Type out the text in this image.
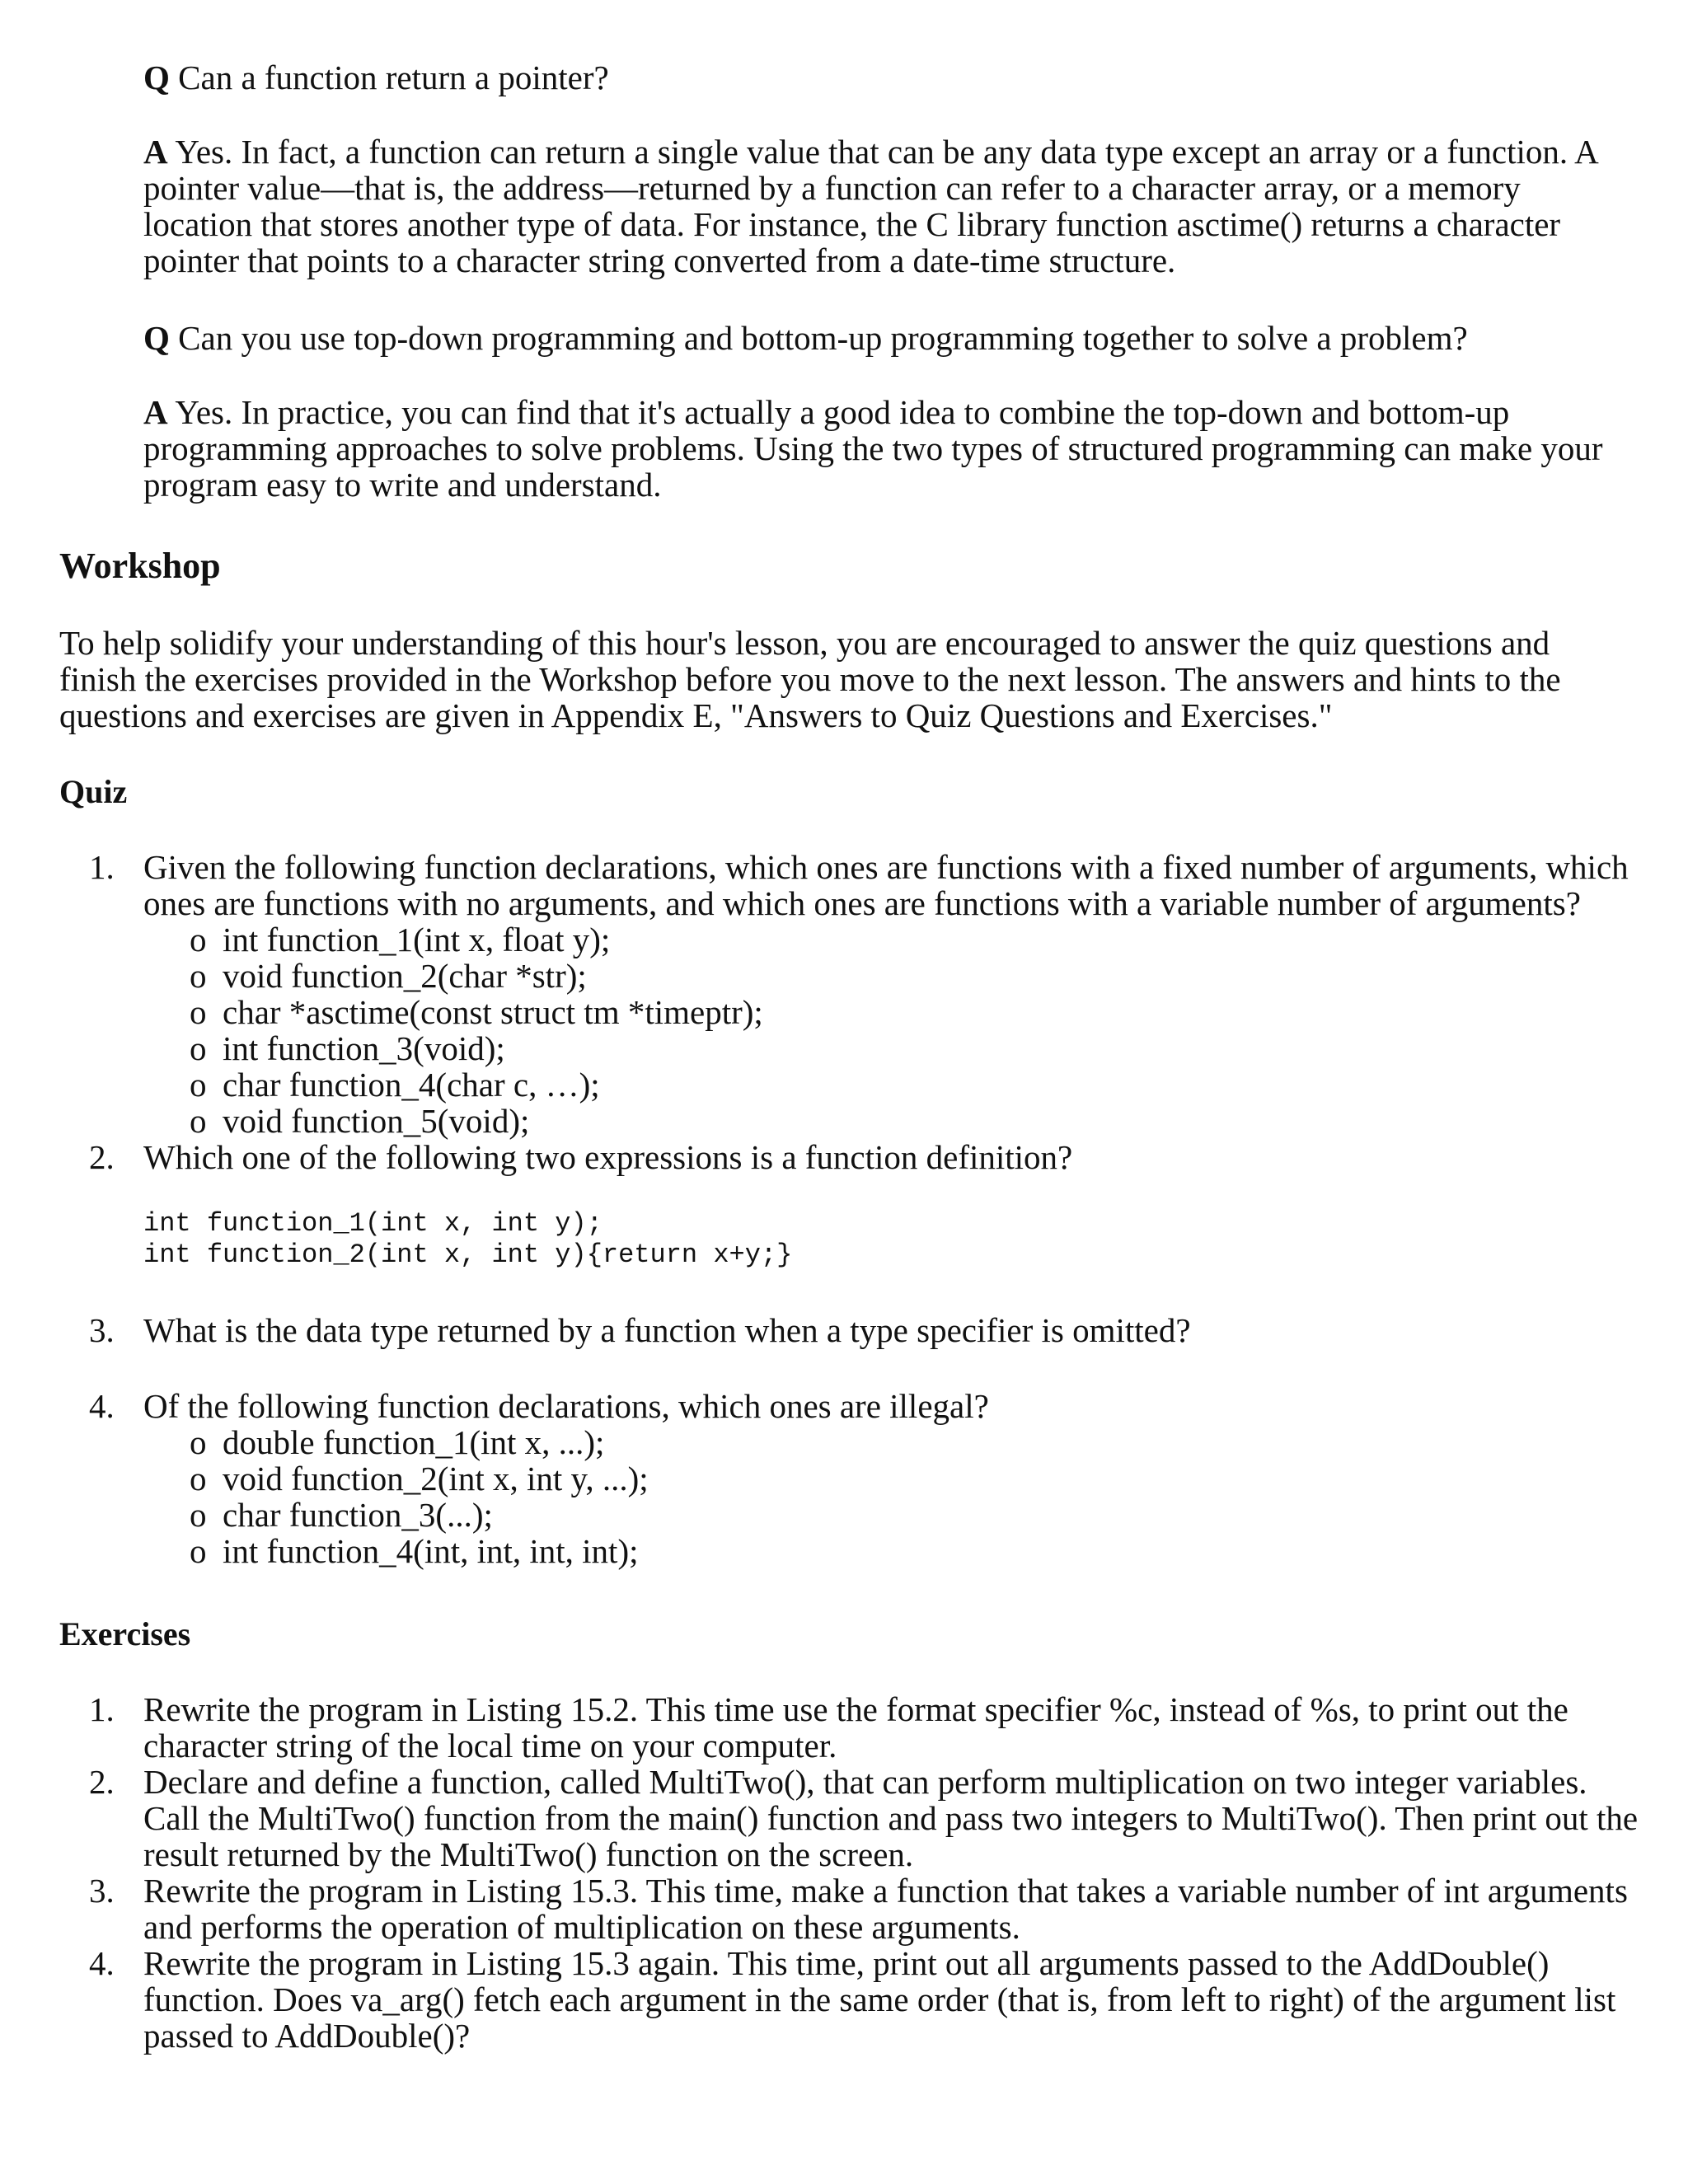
Q Can a function return a pointer?

A Yes. In fact, a function can return a single value that can be any data type except an array or a function. A pointer value—that is, the address—returned by a function can refer to a character array, or a memory location that stores another type of data. For instance, the C library function asctime() returns a character pointer that points to a character string converted from a date-time structure.

Q Can you use top-down programming and bottom-up programming together to solve a problem?

A Yes. In practice, you can find that it's actually a good idea to combine the top-down and bottom-up programming approaches to solve problems. Using the two types of structured programming can make your program easy to write and understand.

Workshop

To help solidify your understanding of this hour's lesson, you are encouraged to answer the quiz questions and finish the exercises provided in the Workshop before you move to the next lesson. The answers and hints to the questions and exercises are given in Appendix E, "Answers to Quiz Questions and Exercises."

Quiz
1. Given the following function declarations, which ones are functions with a fixed number of arguments, which ones are functions with no arguments, and which ones are functions with a variable number of arguments?
o int function_1(int x, float y);
o void function_2(char *str);
o char *asctime(const struct tm *timeptr);
o int function_3(void);
o char function_4(char c, …);
o void function_5(void);
2. Which one of the following two expressions is a function definition?
int function_1(int x, int y);
int function_2(int x, int y){return x+y;}
3. What is the data type returned by a function when a type specifier is omitted?
4. Of the following function declarations, which ones are illegal?
o double function_1(int x, ...);
o void function_2(int x, int y, ...);
o char function_3(...);
o int function_4(int, int, int, int);
Exercises
1. Rewrite the program in Listing 15.2. This time use the format specifier %c, instead of %s, to print out the character string of the local time on your computer.
2. Declare and define a function, called MultiTwo(), that can perform multiplication on two integer variables. Call the MultiTwo() function from the main() function and pass two integers to MultiTwo(). Then print out the result returned by the MultiTwo() function on the screen.
3. Rewrite the program in Listing 15.3. This time, make a function that takes a variable number of int arguments and performs the operation of multiplication on these arguments.
4. Rewrite the program in Listing 15.3 again. This time, print out all arguments passed to the AddDouble() function. Does va_arg() fetch each argument in the same order (that is, from left to right) of the argument list passed to AddDouble()?
